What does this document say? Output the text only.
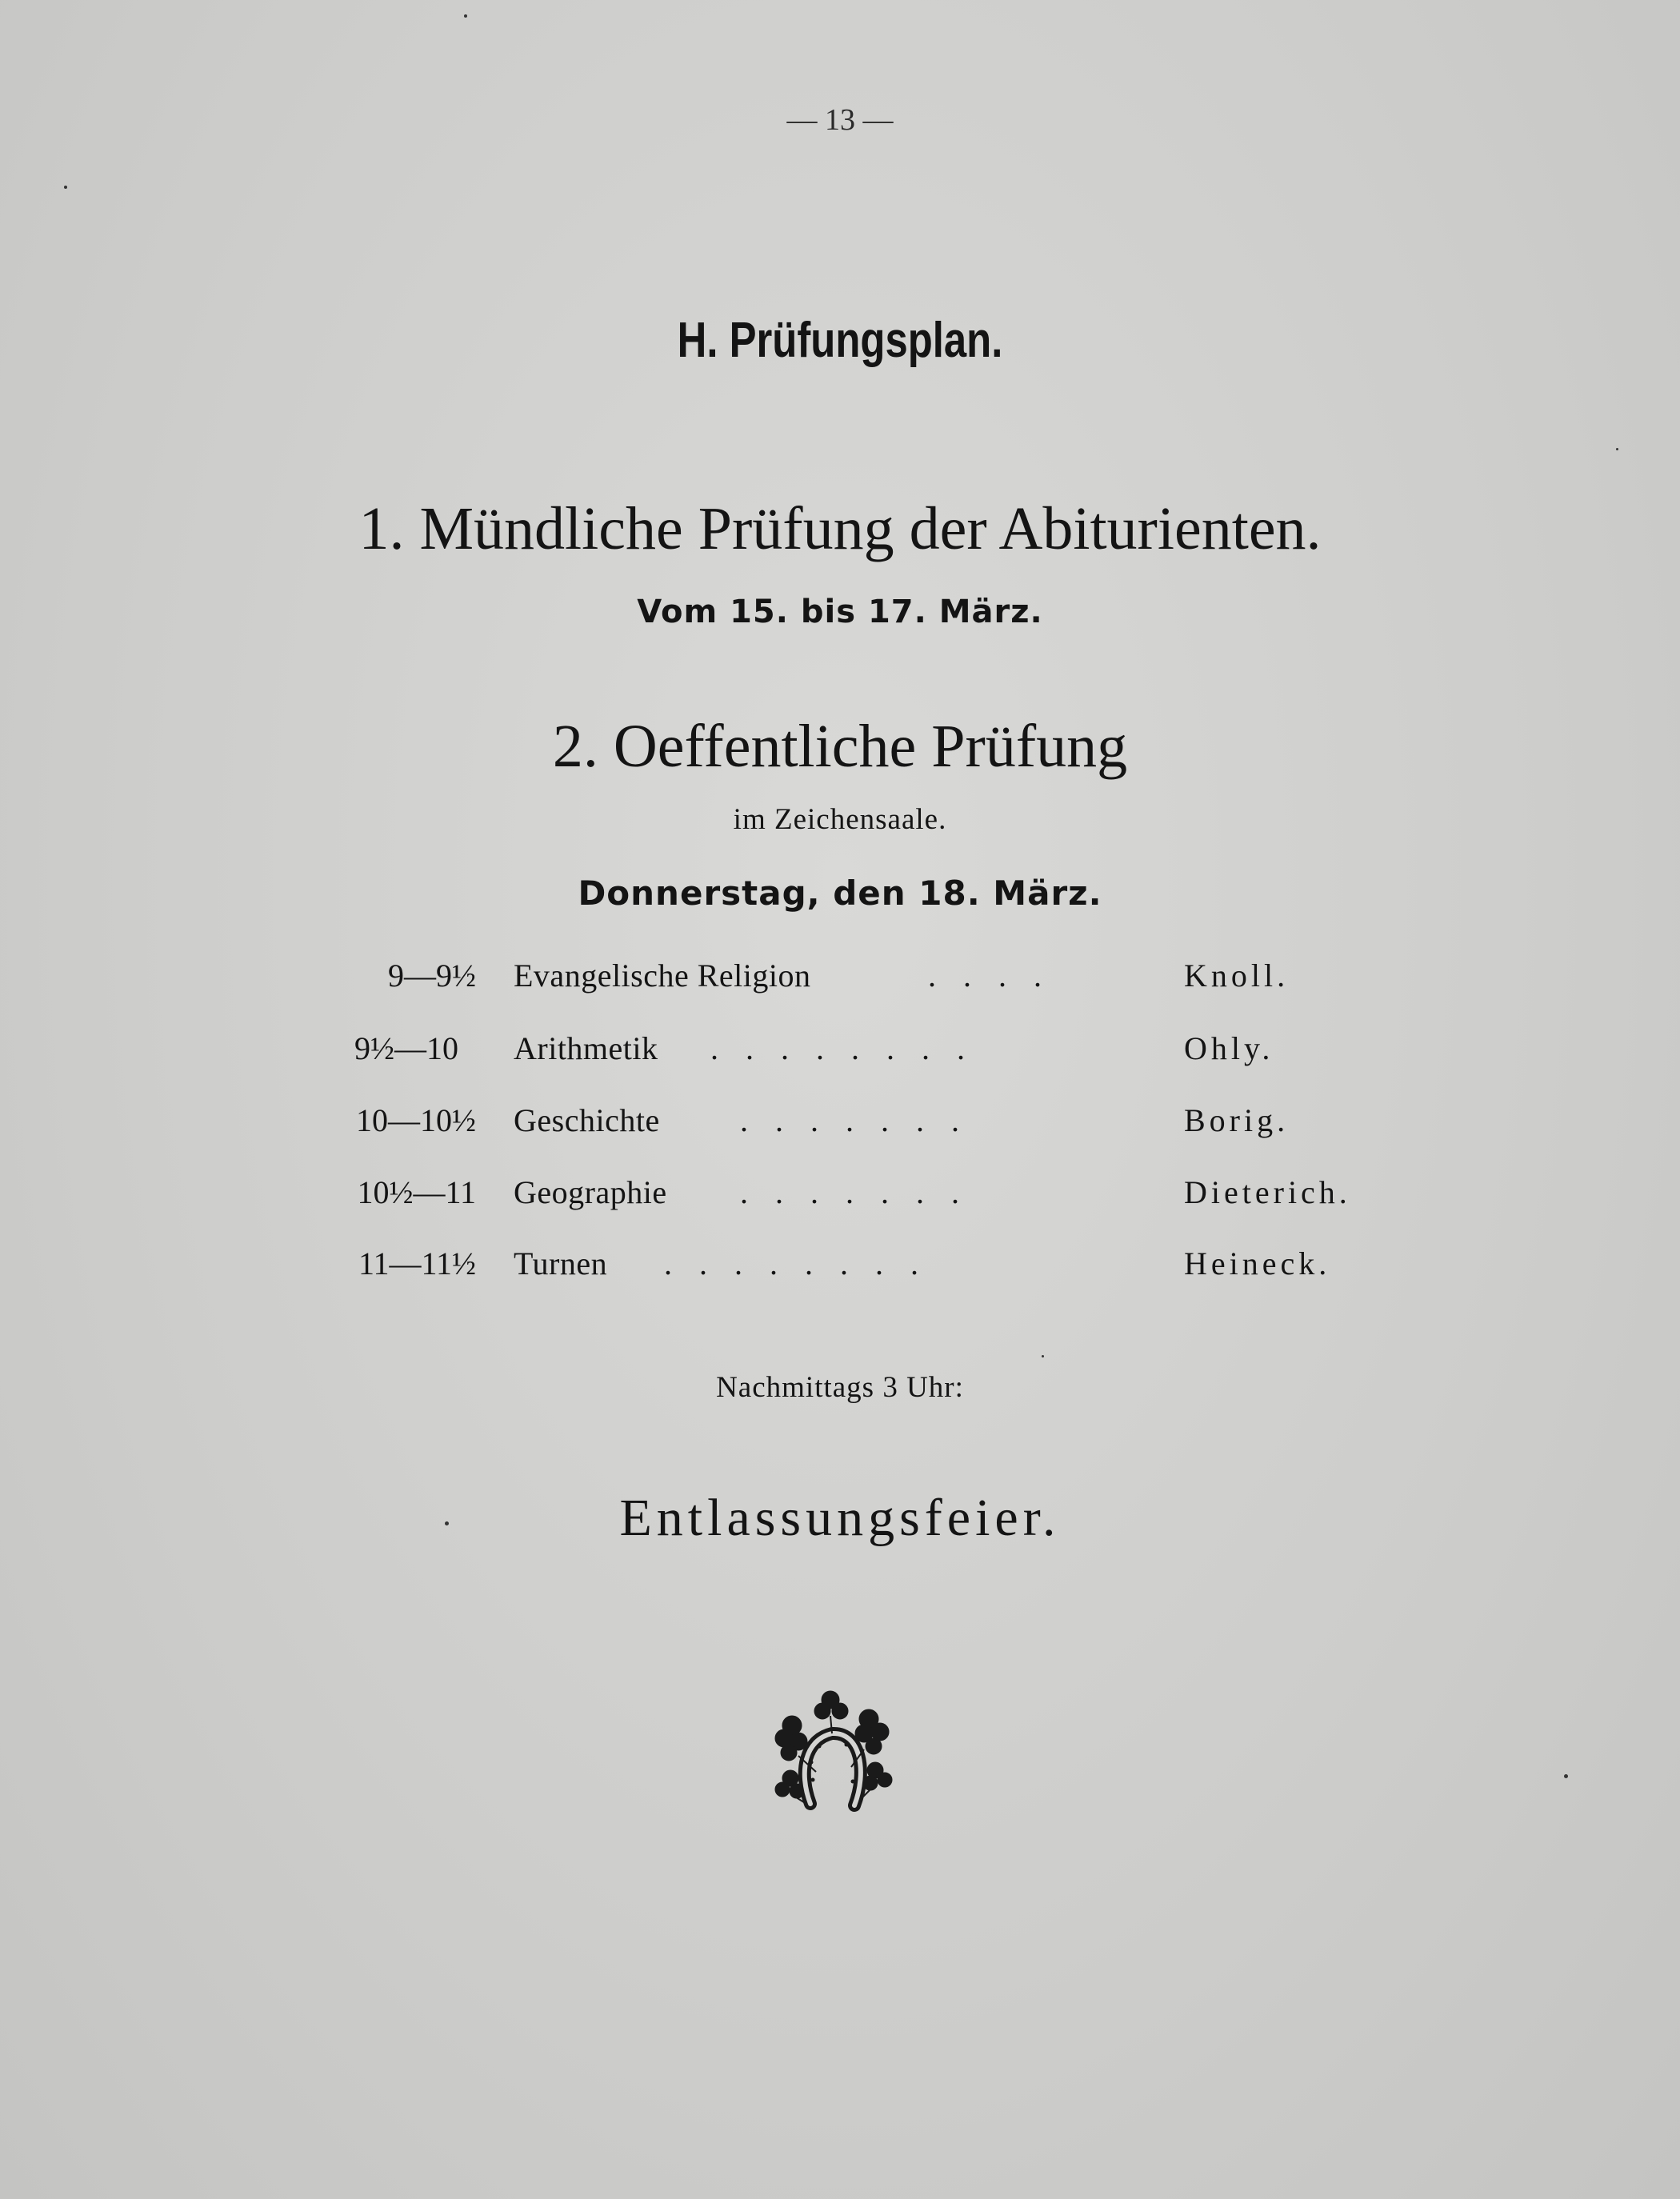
— 13 —
H. Prüfungsplan.
1. Mündliche Prüfung der Abiturienten.
Vom 15. bis 17. März.
2. Oeffentliche Prüfung
im Zeichensaale.
Donnerstag, den 18. März.
9—9½ Evangelische Religion	....	Knoll.
9½—10 Arithmetik ........	Ohly.
10—10½ Geschichte	.......	Borig.
10½—11 Geographie .......	Dieterich.
11—11½ Turnen ........	Heineck.
Nachmittags 3 Uhr:
Entlassungsfeier.
